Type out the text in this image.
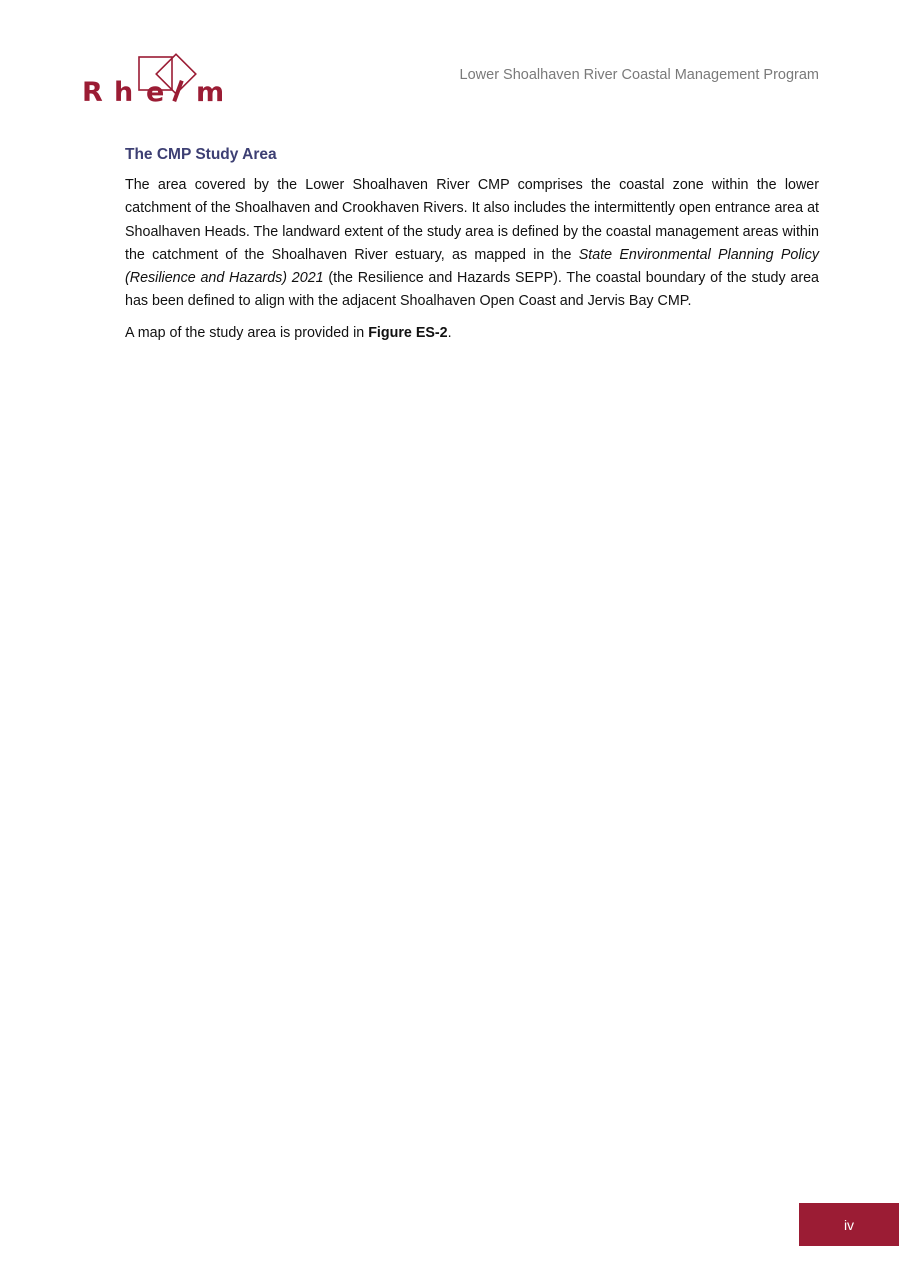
R h e m
Lower Shoalhaven River Coastal Management Program
The CMP Study Area

The area covered by the Lower Shoalhaven River CMP comprises the coastal zone within the lower catchment of the Shoalhaven and Crookhaven Rivers. It also includes the intermittently open entrance area at Shoalhaven Heads. The landward extent of the study area is defined by the coastal management areas within the catchment of the Shoalhaven River estuary, as mapped in the State Environmental Planning Policy (Resilience and Hazards) 2021 (the Resilience and Hazards SEPP). The coastal boundary of the study area has been defined to align with the adjacent Shoalhaven Open Coast and Jervis Bay CMP.

A map of the study area is provided in Figure ES-2.

iv
